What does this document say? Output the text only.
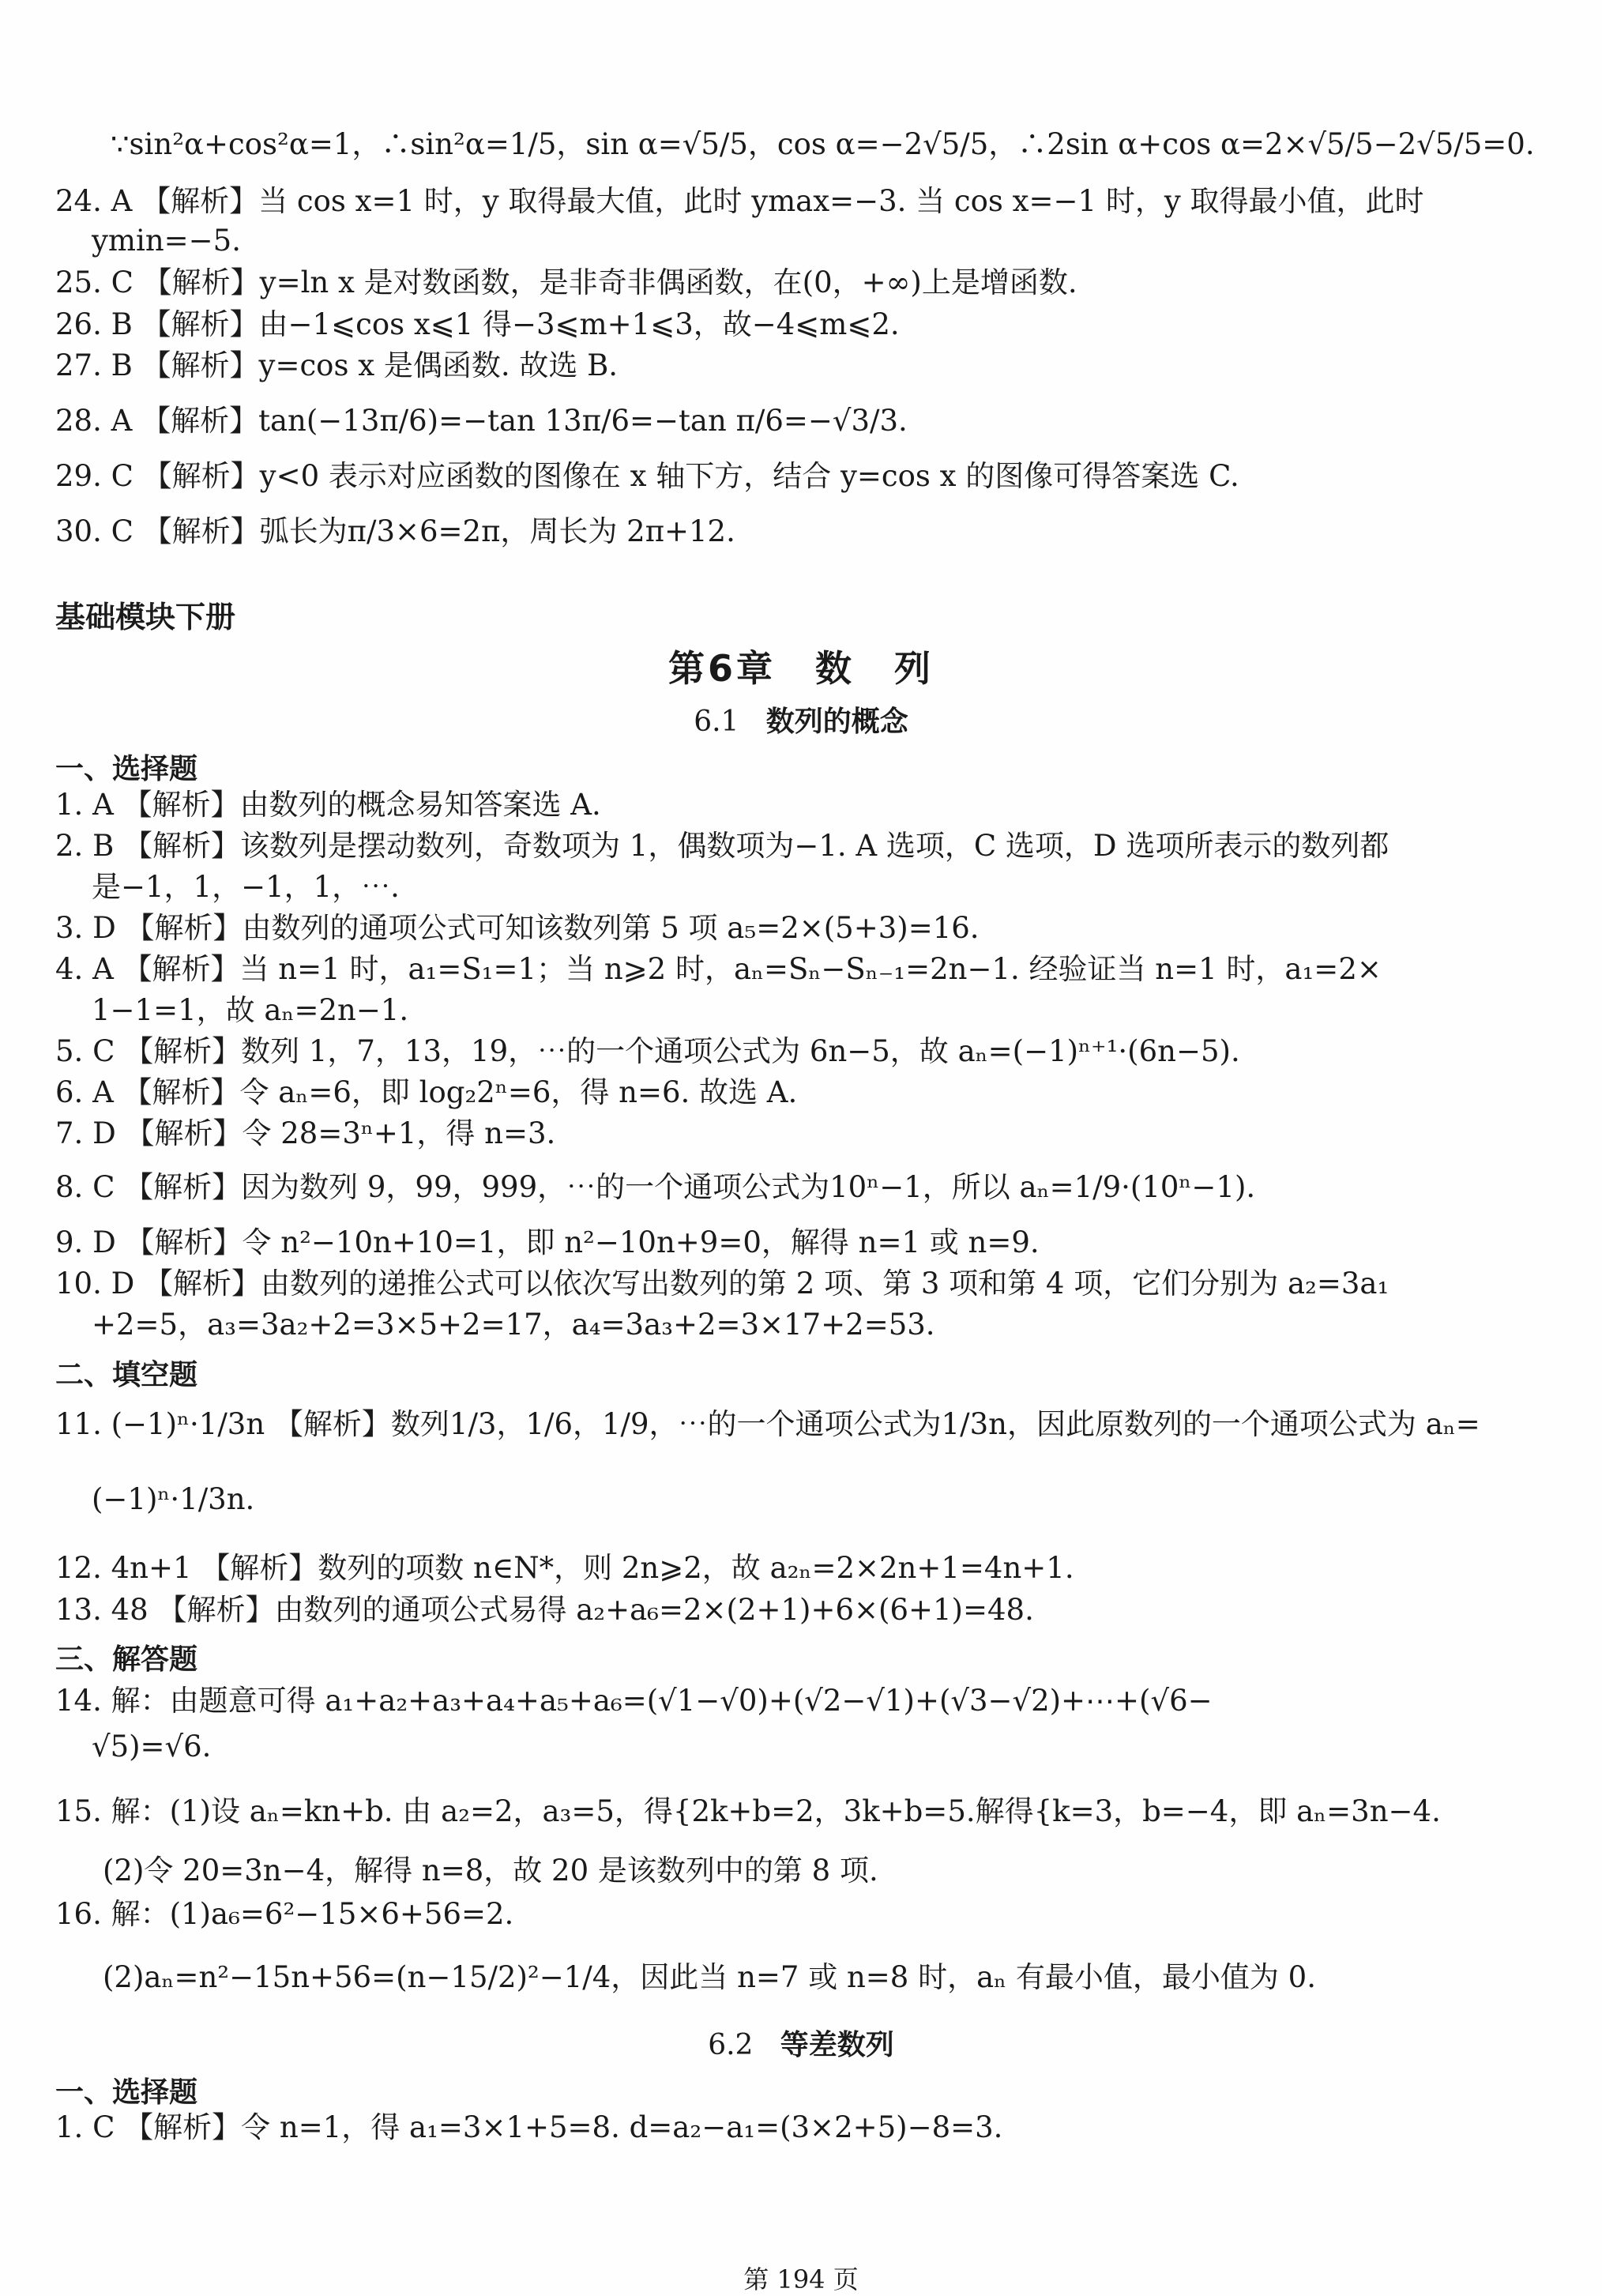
∵sin²α+cos²α=1，∴sin²α=1/5，sin α=√5/5，cos α=−2√5/5，∴2sin α+cos α=2×√5/5−2√5/5=0.
24. A 【解析】当 cos x=1 时，y 取得最大值，此时 ymax=−3. 当 cos x=−1 时，y 取得最小值，此时
ymin=−5.
25. C 【解析】y=ln x 是对数函数，是非奇非偶函数，在(0，+∞)上是增函数.
26. B 【解析】由−1⩽cos x⩽1 得−3⩽m+1⩽3，故−4⩽m⩽2.
27. B 【解析】y=cos x 是偶函数. 故选 B.
28. A 【解析】tan(−13π/6)=−tan 13π/6=−tan π/6=−√3/3.
29. C 【解析】y<0 表示对应函数的图像在 x 轴下方，结合 y=cos x 的图像可得答案选 C.
30. C 【解析】弧长为π/3×6=2π，周长为 2π+12.
基础模块下册
第6章　数　列
6.1 数列的概念
一、选择题
1. A 【解析】由数列的概念易知答案选 A.
2. B 【解析】该数列是摆动数列，奇数项为 1，偶数项为−1. A 选项，C 选项，D 选项所表示的数列都
是−1，1，−1，1，⋯.
3. D 【解析】由数列的通项公式可知该数列第 5 项 a₅=2×(5+3)=16.
4. A 【解析】当 n=1 时，a₁=S₁=1；当 n⩾2 时，aₙ=Sₙ−Sₙ₋₁=2n−1. 经验证当 n=1 时，a₁=2×
1−1=1，故 aₙ=2n−1.
5. C 【解析】数列 1，7，13，19，⋯的一个通项公式为 6n−5，故 aₙ=(−1)ⁿ⁺¹·(6n−5).
6. A 【解析】令 aₙ=6，即 log₂2ⁿ=6，得 n=6. 故选 A.
7. D 【解析】令 28=3ⁿ+1，得 n=3.
8. C 【解析】因为数列 9，99，999，⋯的一个通项公式为10ⁿ−1，所以 aₙ=1/9·(10ⁿ−1).
9. D 【解析】令 n²−10n+10=1，即 n²−10n+9=0，解得 n=1 或 n=9.
10. D 【解析】由数列的递推公式可以依次写出数列的第 2 项、第 3 项和第 4 项，它们分别为 a₂=3a₁
+2=5，a₃=3a₂+2=3×5+2=17，a₄=3a₃+2=3×17+2=53.
二、填空题
11. (−1)ⁿ·1/3n 【解析】数列1/3，1/6，1/9，⋯的一个通项公式为1/3n，因此原数列的一个通项公式为 aₙ=
(−1)ⁿ·1/3n.
12. 4n+1 【解析】数列的项数 n∈N*，则 2n⩾2，故 a₂ₙ=2×2n+1=4n+1.
13. 48 【解析】由数列的通项公式易得 a₂+a₆=2×(2+1)+6×(6+1)=48.
三、解答题
14. 解：由题意可得 a₁+a₂+a₃+a₄+a₅+a₆=(√1−√0)+(√2−√1)+(√3−√2)+⋯+(√6−
√5)=√6.
15. 解：(1)设 aₙ=kn+b. 由 a₂=2，a₃=5，得{2k+b=2，3k+b=5.解得{k=3，b=−4，即 aₙ=3n−4.
(2)令 20=3n−4，解得 n=8，故 20 是该数列中的第 8 项.
16. 解：(1)a₆=6²−15×6+56=2.
(2)aₙ=n²−15n+56=(n−15/2)²−1/4，因此当 n=7 或 n=8 时，aₙ 有最小值，最小值为 0.
6.2 等差数列
一、选择题
1. C 【解析】令 n=1，得 a₁=3×1+5=8. d=a₂−a₁=(3×2+5)−8=3.
第 194 页
